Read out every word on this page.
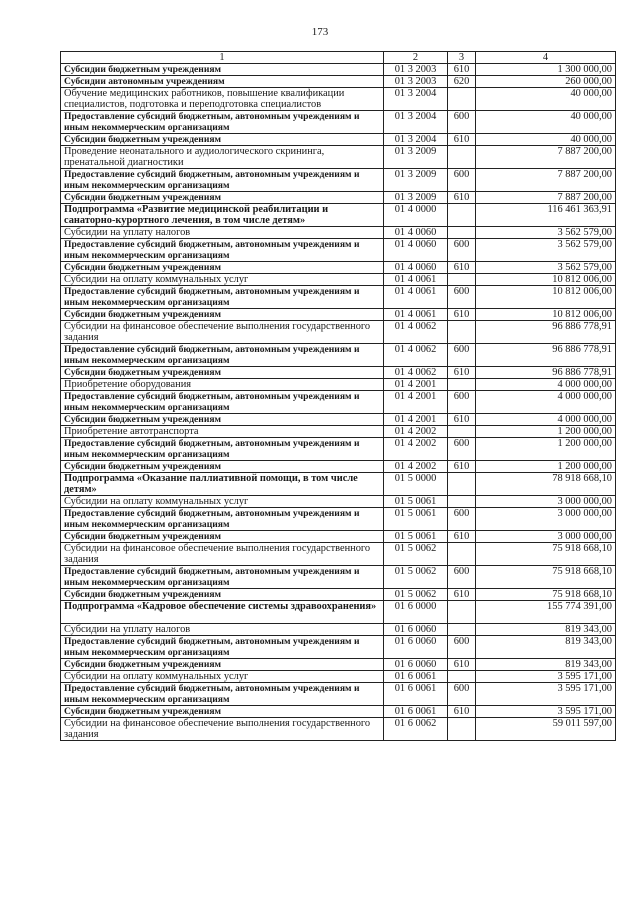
173
1	2	3	4
Субсидии бюджетным учреждениям	01 3 2003	610	1 300 000,00
Субсидии автономным учреждениям	01 3 2003	620	260 000,00
Обучение медицинских работников, повышение квалификации специалистов, подготовка и переподготовка специалистов	01 3 2004		40 000,00
Предоставление субсидий бюджетным, автономным учреждениям и иным некоммерческим организациям	01 3 2004	600	40 000,00
Субсидии бюджетным учреждениям	01 3 2004	610	40 000,00
Проведение неонатального и аудиологического скрининга, пренатальной диагностики	01 3 2009		7 887 200,00
Предоставление субсидий бюджетным, автономным учреждениям и иным некоммерческим организациям	01 3 2009	600	7 887 200,00
Субсидии бюджетным учреждениям	01 3 2009	610	7 887 200,00
Подпрограмма «Развитие медицинской реабилитации и санаторно-курортного лечения, в том числе детям»	01 4 0000		116 461 363,91
Субсидии на уплату налогов	01 4 0060		3 562 579,00
Предоставление субсидий бюджетным, автономным учреждениям и иным некоммерческим организациям	01 4 0060	600	3 562 579,00
Субсидии бюджетным учреждениям	01 4 0060	610	3 562 579,00
Субсидии на оплату коммунальных услуг	01 4 0061		10 812 006,00
Предоставление субсидий бюджетным, автономным учреждениям и иным некоммерческим организациям	01 4 0061	600	10 812 006,00
Субсидии бюджетным учреждениям	01 4 0061	610	10 812 006,00
Субсидии на финансовое обеспечение выполнения государственного задания	01 4 0062		96 886 778,91
Предоставление субсидий бюджетным, автономным учреждениям и иным некоммерческим организациям	01 4 0062	600	96 886 778,91
Субсидии бюджетным учреждениям	01 4 0062	610	96 886 778,91
Приобретение оборудования	01 4 2001		4 000 000,00
Предоставление субсидий бюджетным, автономным учреждениям и иным некоммерческим организациям	01 4 2001	600	4 000 000,00
Субсидии бюджетным учреждениям	01 4 2001	610	4 000 000,00
Приобретение автотранспорта	01 4 2002		1 200 000,00
Предоставление субсидий бюджетным, автономным учреждениям и иным некоммерческим организациям	01 4 2002	600	1 200 000,00
Субсидии бюджетным учреждениям	01 4 2002	610	1 200 000,00
Подпрограмма «Оказание паллиативной помощи, в том числе детям»	01 5 0000		78 918 668,10
Субсидии на оплату коммунальных услуг	01 5 0061		3 000 000,00
Предоставление субсидий бюджетным, автономным учреждениям и иным некоммерческим организациям	01 5 0061	600	3 000 000,00
Субсидии бюджетным учреждениям	01 5 0061	610	3 000 000,00
Субсидии на финансовое обеспечение выполнения государственного задания	01 5 0062		75 918 668,10
Предоставление субсидий бюджетным, автономным учреждениям и иным некоммерческим организациям	01 5 0062	600	75 918 668,10
Субсидии бюджетным учреждениям	01 5 0062	610	75 918 668,10
Подпрограмма «Кадровое обеспечение системы здравоохранения»	01 6 0000		155 774 391,00
Субсидии на уплату налогов	01 6 0060		819 343,00
Предоставление субсидий бюджетным, автономным учреждениям и иным некоммерческим организациям	01 6 0060	600	819 343,00
Субсидии бюджетным учреждениям	01 6 0060	610	819 343,00
Субсидии на оплату коммунальных услуг	01 6 0061		3 595 171,00
Предоставление субсидий бюджетным, автономным учреждениям и иным некоммерческим организациям	01 6 0061	600	3 595 171,00
Субсидии бюджетным учреждениям	01 6 0061	610	3 595 171,00
Субсидии на финансовое обеспечение выполнения государственного задания	01 6 0062		59 011 597,00
